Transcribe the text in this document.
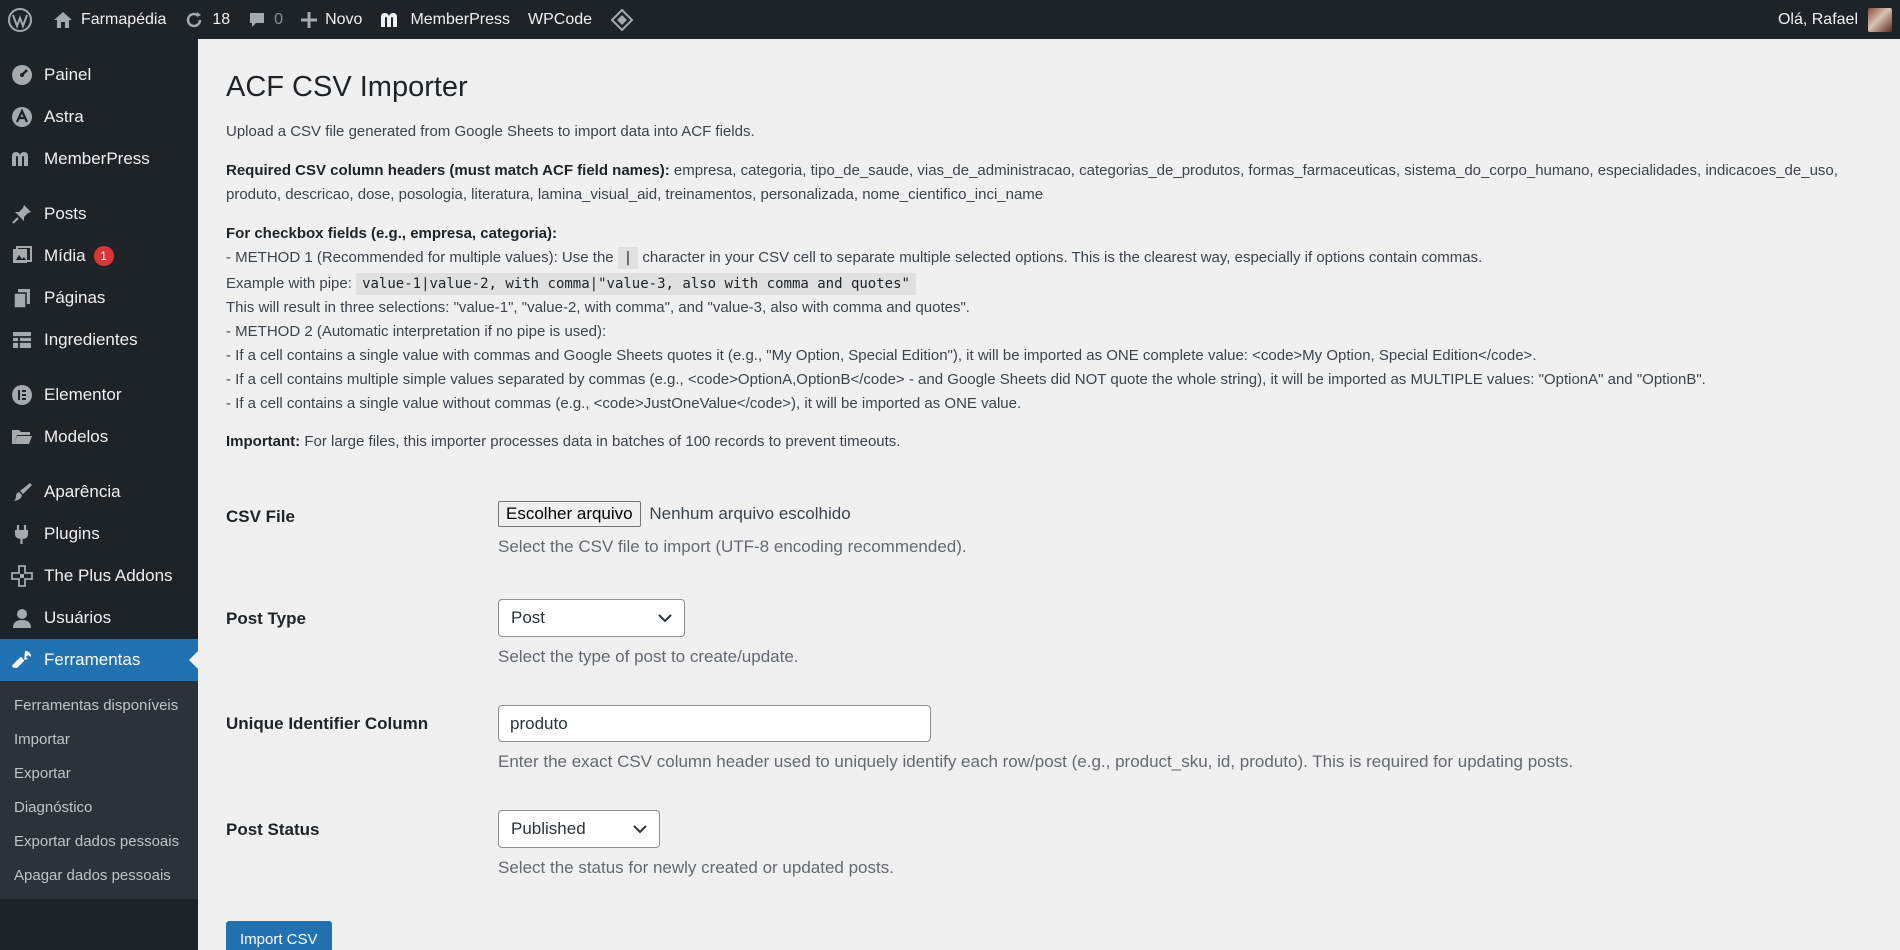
Farmapédia	18	0	Novo	MemberPress WPCode	Olá, Rafael
Painel
Astra
MemberPress
Posts
Mídia	1
Páginas
Ingredientes
Elementor
Modelos
Aparência
Plugins
The Plus Addons
Usuários
Ferramentas
Ferramentas disponíveis
Importar
Exportar
Diagnóstico
Exportar dados pessoais
Apagar dados pessoais
ACF CSV Importer

Upload a CSV file generated from Google Sheets to import data into ACF fields.

Required CSV column headers (must match ACF field names): empresa, categoria, tipo_de_saude, vias_de_administracao, categorias_de_produtos, formas_farmaceuticas, sistema_do_corpo_humano, especialidades, indicacoes_de_uso, produto, descricao, dose, posologia, literatura, lamina_visual_aid, treinamentos, personalizada, nome_cientifico_inci_name

For checkbox fields (e.g., empresa, categoria):
- METHOD 1 (Recommended for multiple values): Use the | character in your CSV cell to separate multiple selected options. This is the clearest way, especially if options contain commas.
Example with pipe: value-1|value-2, with comma|"value-3, also with comma and quotes"
This will result in three selections: "value-1", "value-2, with comma", and "value-3, also with comma and quotes".
- METHOD 2 (Automatic interpretation if no pipe is used):
- If a cell contains a single value with commas and Google Sheets quotes it (e.g., "My Option, Special Edition"), it will be imported as ONE complete value: <code>My Option, Special Edition</code>.
- If a cell contains multiple simple values separated by commas (e.g., <code>OptionA,OptionB</code> - and Google Sheets did NOT quote the whole string), it will be imported as MULTIPLE values: "OptionA" and "OptionB".
- If a cell contains a single value without commas (e.g., <code>JustOneValue</code>), it will be imported as ONE value.

Important: For large files, this importer processes data in batches of 100 records to prevent timeouts.

CSV File	Escolher arquivo Nenhum arquivo escolhido
Select the CSV file to import (UTF-8 encoding recommended).
Post Type	Post
Select the type of post to create/update.
Unique Identifier Column	produto
Enter the exact CSV column header used to uniquely identify each row/post (e.g., product_sku, id, produto). This is required for updating posts.
Post Status	Published
Select the status for newly created or updated posts.
Import CSV
